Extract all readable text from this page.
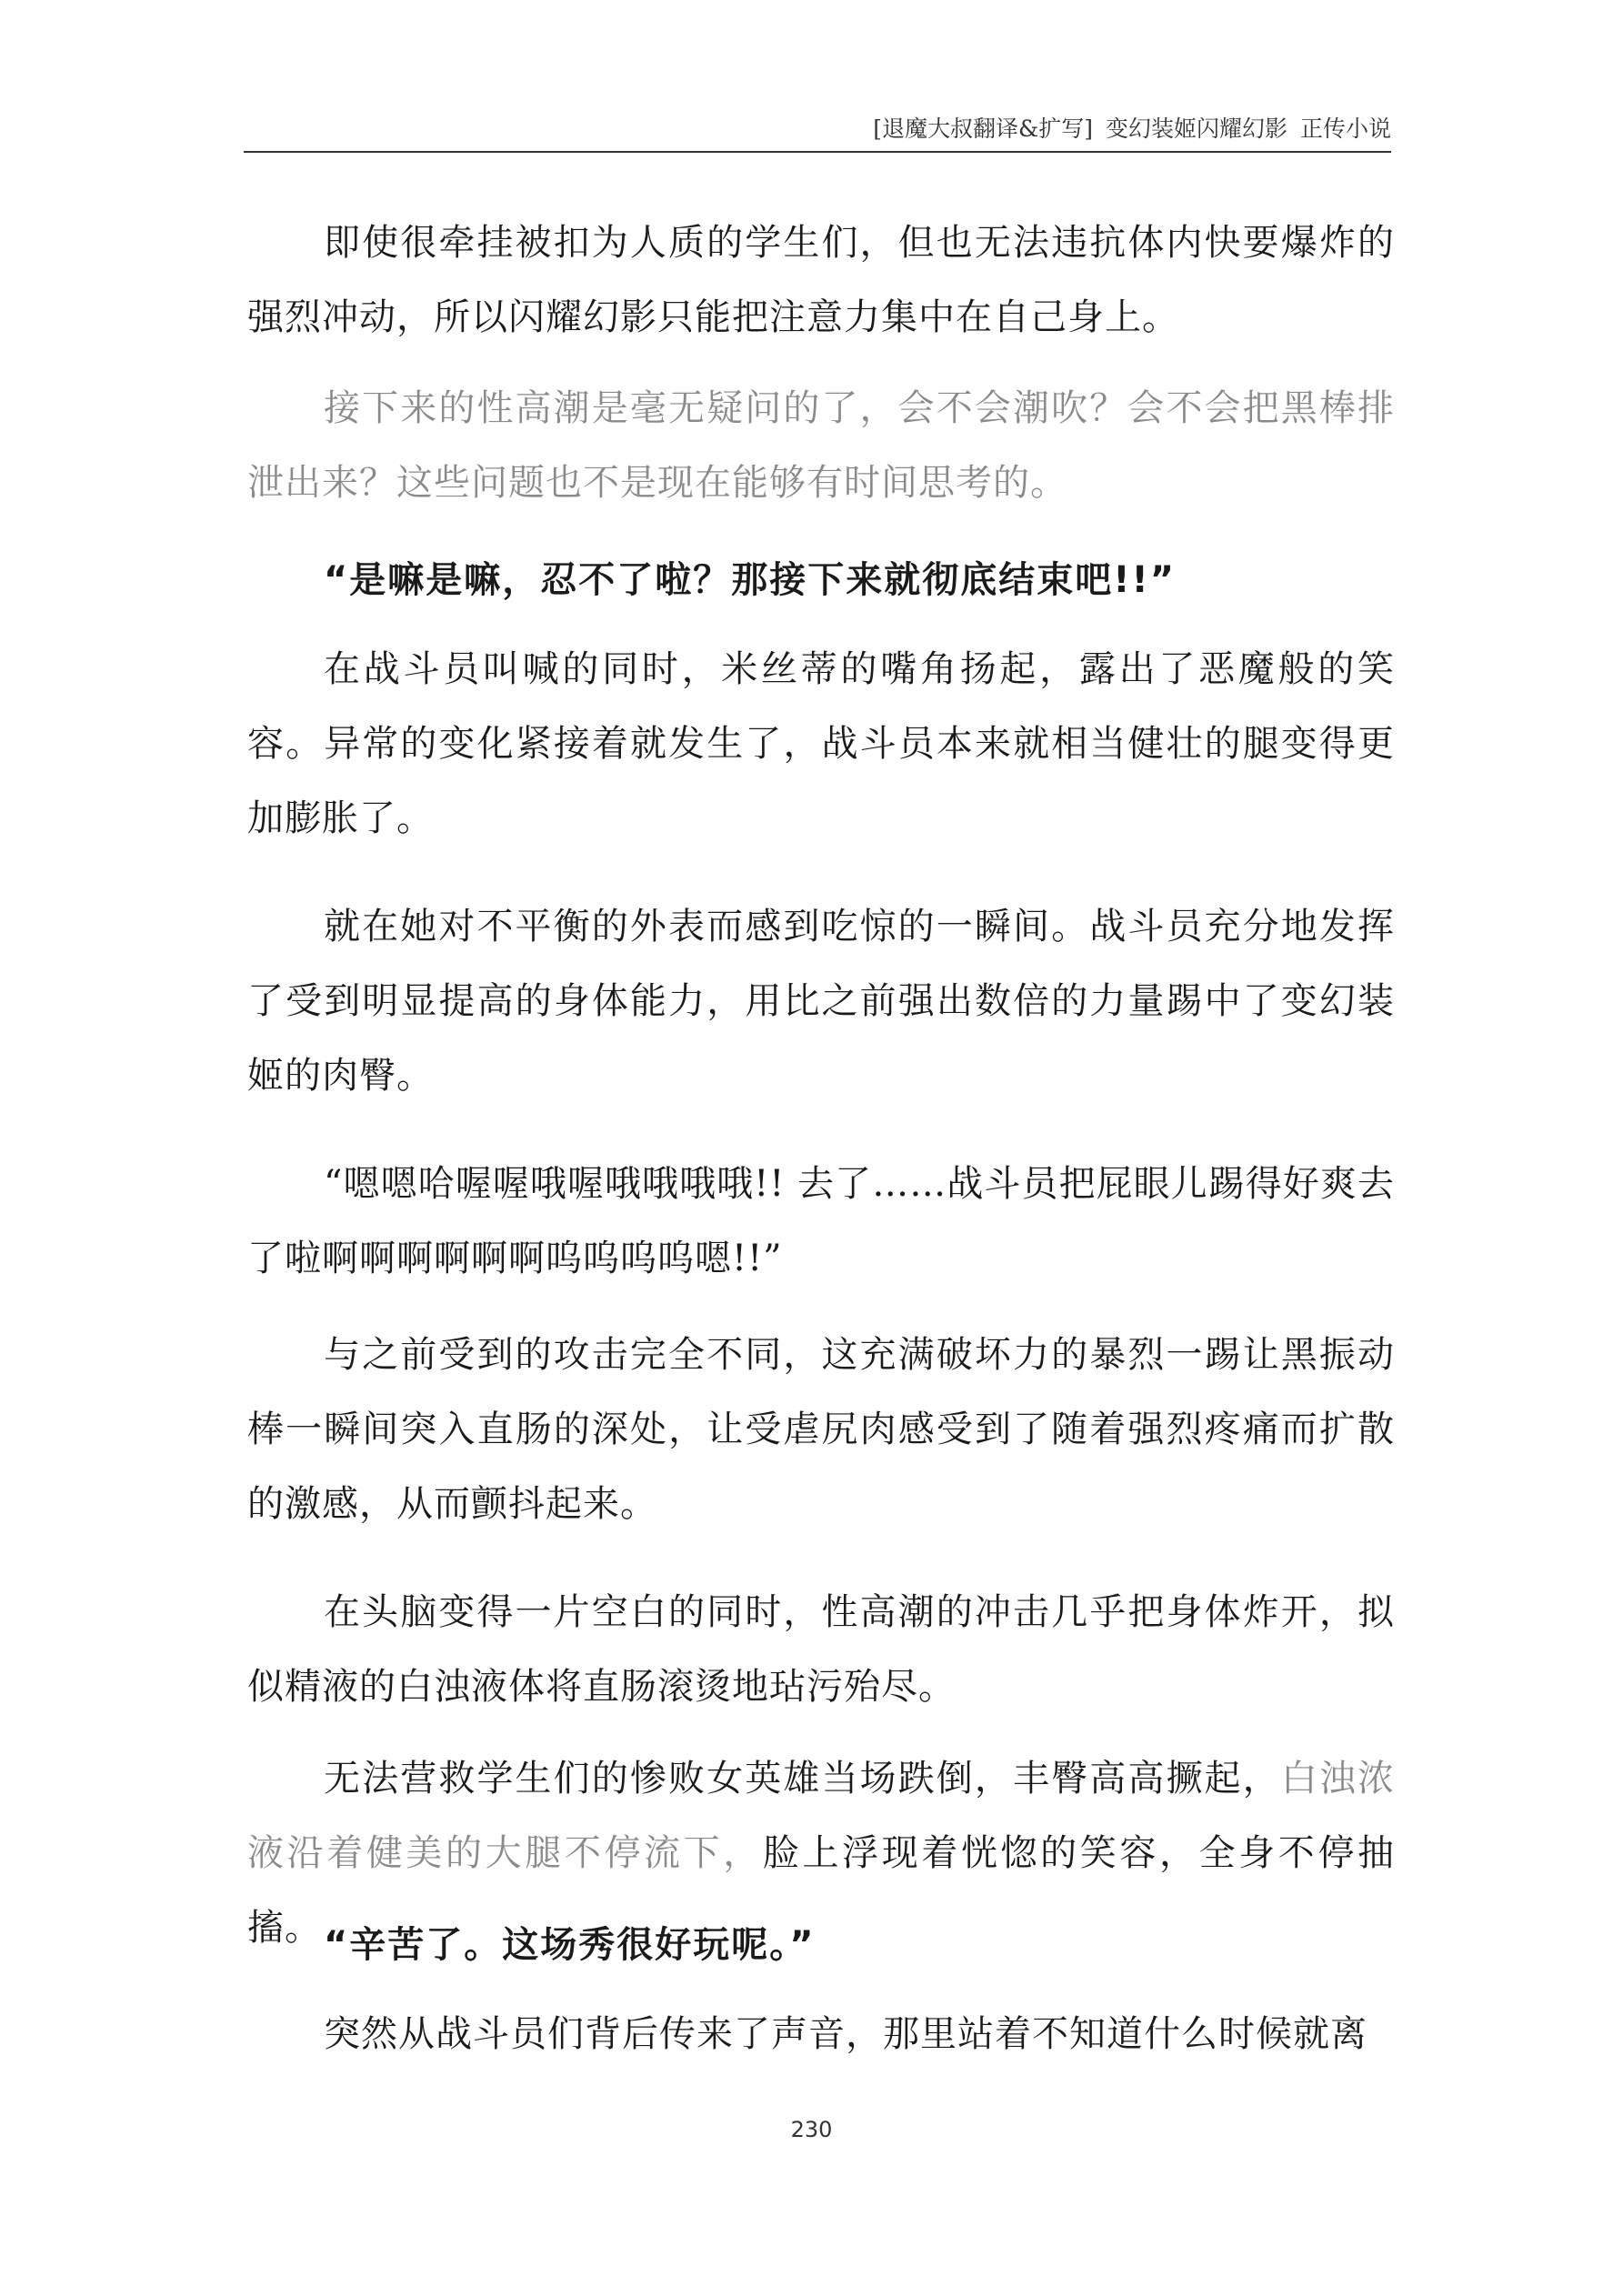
[退魔大叔翻译&扩写] 变幻装姬闪耀幻影 正传小说

即使很牵挂被扣为人质的学生们，但也无法违抗体内快要爆炸的强烈冲动，所以闪耀幻影只能把注意力集中在自己身上。

接下来的性高潮是毫无疑问的了，会不会潮吹？会不会把黑棒排泄出来？这些问题也不是现在能够有时间思考的。

“是嘛是嘛，忍不了啦？那接下来就彻底结束吧!!”

在战斗员叫喊的同时，米丝蒂的嘴角扬起，露出了恶魔般的笑容。异常的变化紧接着就发生了，战斗员本来就相当健壮的腿变得更加膨胀了。

就在她对不平衡的外表而感到吃惊的一瞬间。战斗员充分地发挥了受到明显提高的身体能力，用比之前强出数倍的力量踢中了变幻装姬的肉臀。

“嗯嗯哈喔喔哦喔哦哦哦哦!! 去了……战斗员把屁眼儿踢得好爽去了啦啊啊啊啊啊啊呜呜呜呜嗯!!”

与之前受到的攻击完全不同，这充满破坏力的暴烈一踢让黑振动棒一瞬间突入直肠的深处，让受虐尻肉感受到了随着强烈疼痛而扩散的激感，从而颤抖起来。

在头脑变得一片空白的同时，性高潮的冲击几乎把身体炸开，拟似精液的白浊液体将直肠滚烫地玷污殆尽。

无法营救学生们的惨败女英雄当场跌倒，丰臀高高撅起，白浊浓液沿着健美的大腿不停流下，脸上浮现着恍惚的笑容，全身不停抽搐。 “辛苦了。这场秀很好玩呢。”

突然从战斗员们背后传来了声音，那里站着不知道什么时候就离

230
